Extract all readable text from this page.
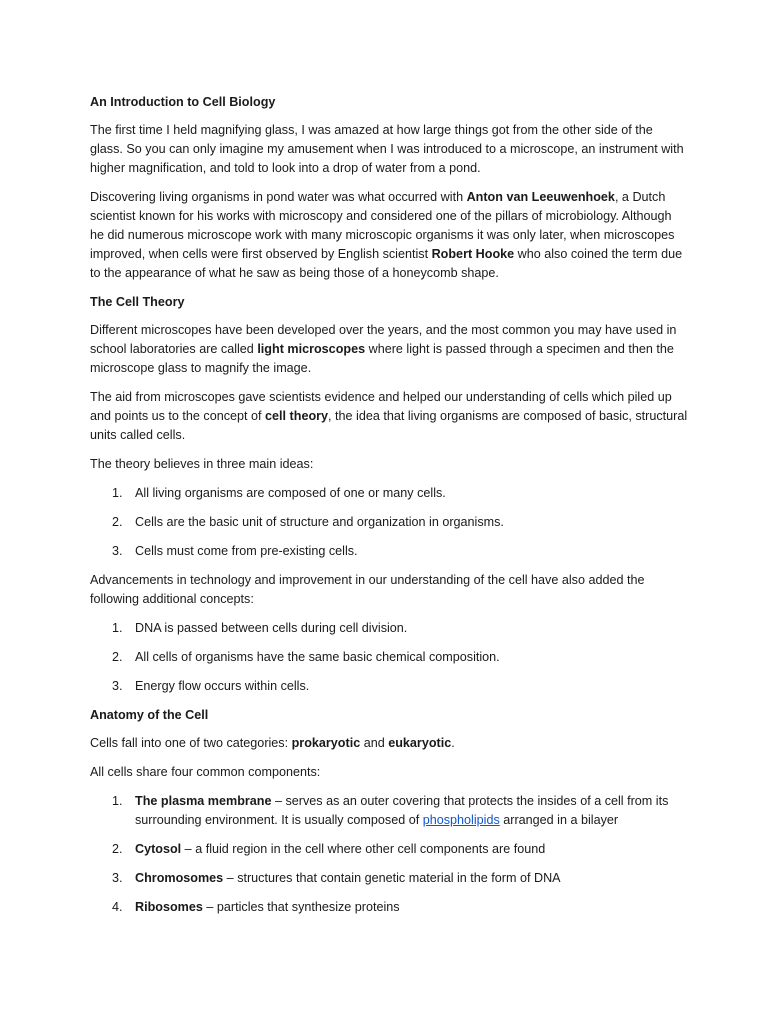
An Introduction to Cell Biology

The first time I held magnifying glass, I was amazed at how large things got from the other side of the glass. So you can only imagine my amusement when I was introduced to a microscope, an instrument with higher magnification, and told to look into a drop of water from a pond.

Discovering living organisms in pond water was what occurred with Anton van Leeuwenhoek, a Dutch scientist known for his works with microscopy and considered one of the pillars of microbiology. Although he did numerous microscope work with many microscopic organisms it was only later, when microscopes improved, when cells were first observed by English scientist Robert Hooke who also coined the term due to the appearance of what he saw as being those of a honeycomb shape.

The Cell Theory

Different microscopes have been developed over the years, and the most common you may have used in school laboratories are called light microscopes where light is passed through a specimen and then the microscope glass to magnify the image.

The aid from microscopes gave scientists evidence and helped our understanding of cells which piled up and points us to the concept of cell theory, the idea that living organisms are composed of basic, structural units called cells.

The theory believes in three main ideas:

1. All living organisms are composed of one or many cells.
2. Cells are the basic unit of structure and organization in organisms.
3. Cells must come from pre-existing cells.

Advancements in technology and improvement in our understanding of the cell have also added the following additional concepts:

1. DNA is passed between cells during cell division.
2. All cells of organisms have the same basic chemical composition.
3. Energy flow occurs within cells.
Anatomy of the Cell

Cells fall into one of two categories: prokaryotic and eukaryotic.

All cells share four common components:

1. The plasma membrane – serves as an outer covering that protects the insides of a cell from its surrounding environment. It is usually composed of phospholipids arranged in a bilayer
2. Cytosol – a fluid region in the cell where other cell components are found
3. Chromosomes – structures that contain genetic material in the form of DNA
4. Ribosomes – particles that synthesize proteins
